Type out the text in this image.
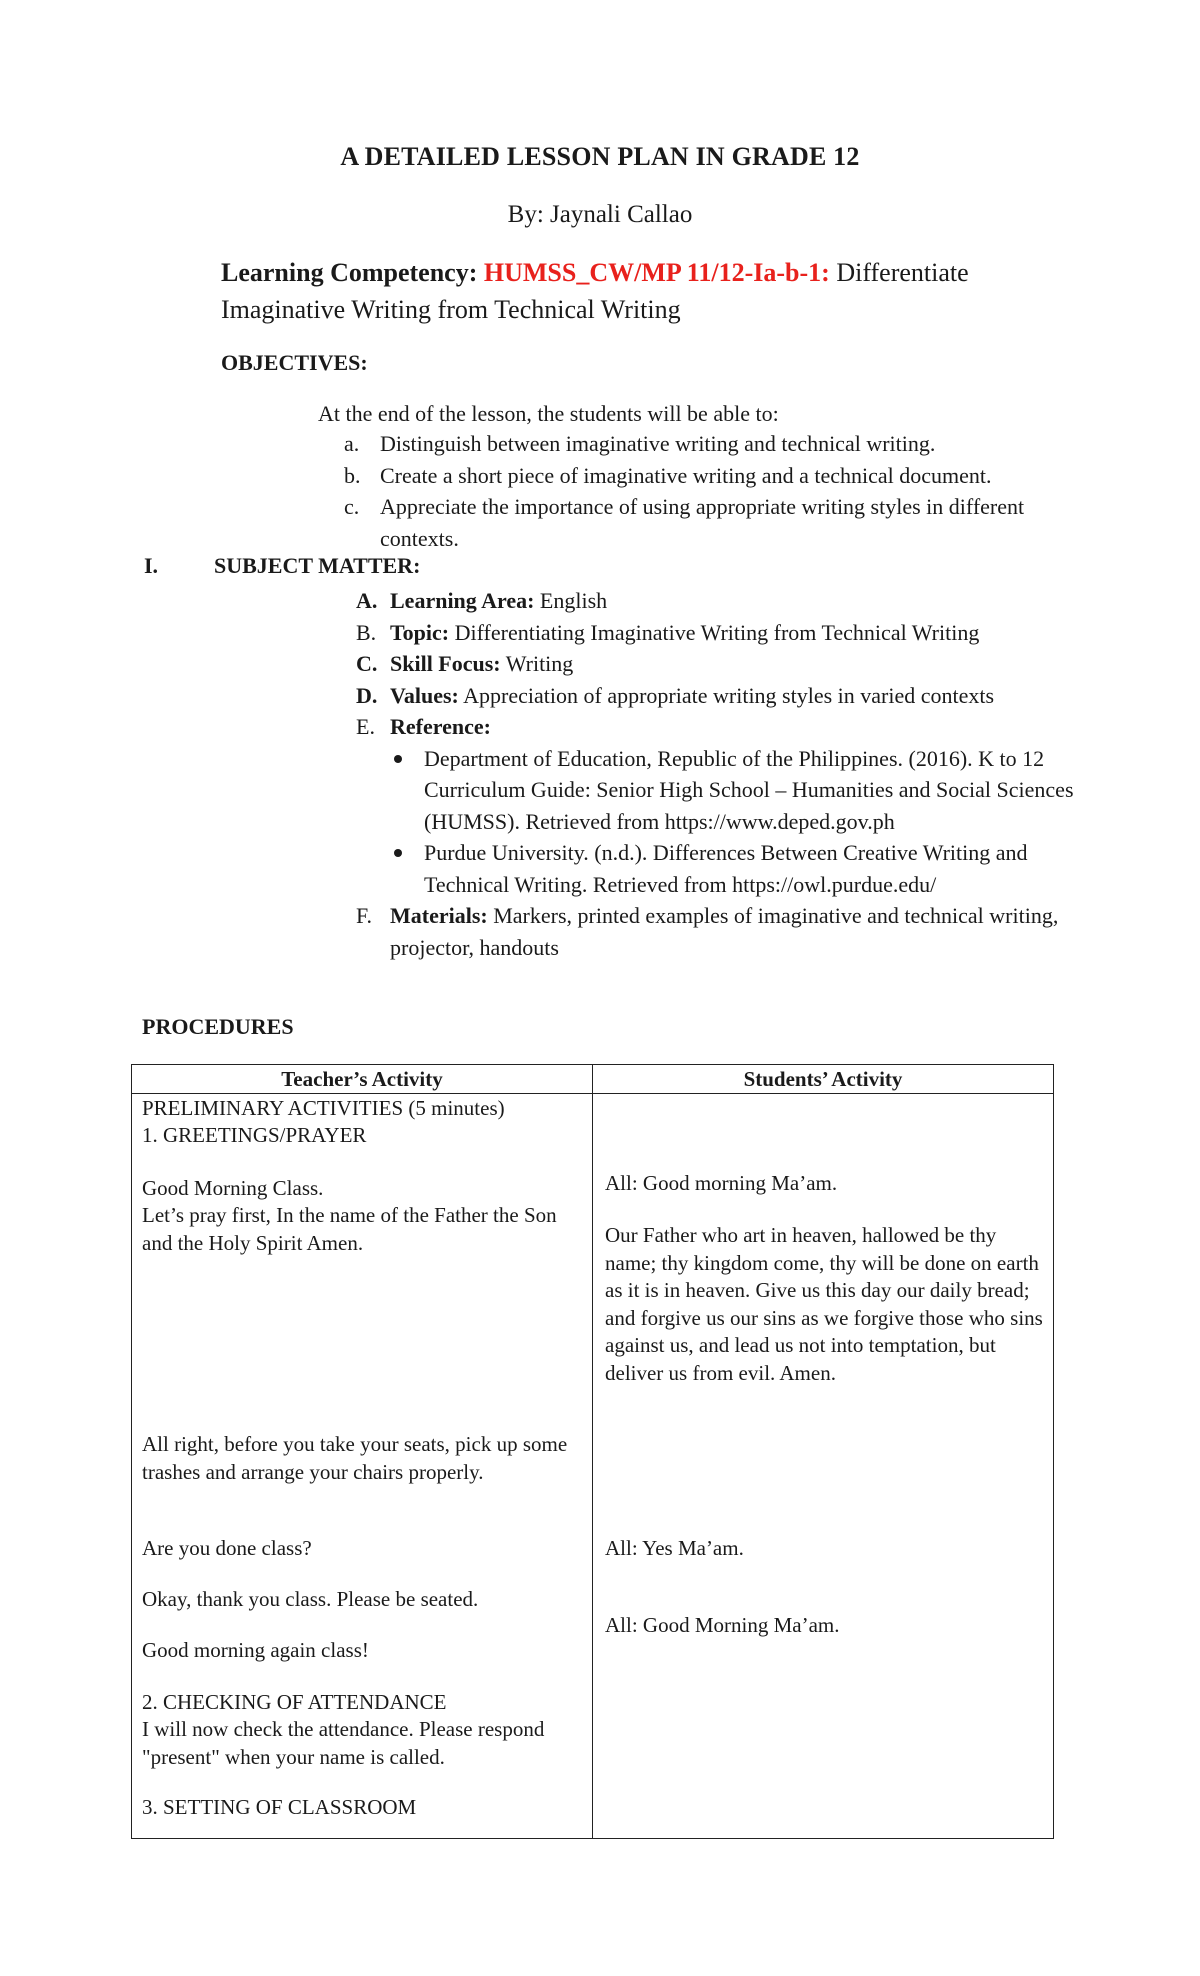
A DETAILED LESSON PLAN IN GRADE 12
By: Jaynali Callao
Learning Competency: HUMSS_CW/MP 11/12-Ia-b-1: Differentiate
Imaginative Writing from Technical Writing
OBJECTIVES:
At the end of the lesson, the students will be able to:
a. Distinguish between imaginative writing and technical writing.
b. Create a short piece of imaginative writing and a technical document.
c. Appreciate the importance of using appropriate writing styles in different contexts.
I.	SUBJECT MATTER:
A. Learning Area: English
B. Topic: Differentiating Imaginative Writing from Technical Writing
C. Skill Focus: Writing
D. Values: Appreciation of appropriate writing styles in varied contexts
E. Reference:
Department of Education, Republic of the Philippines. (2016). K to 12 Curriculum Guide: Senior High School – Humanities and Social Sciences (HUMSS). Retrieved from https://www.deped.gov.ph
Purdue University. (n.d.). Differences Between Creative Writing and Technical Writing. Retrieved from https://owl.purdue.edu/
F. Materials: Markers, printed examples of imaginative and technical writing, projector, handouts
PROCEDURES
Teacher’s Activity	Students’ Activity
PRELIMINARY ACTIVITIES (5 minutes)
1. GREETINGS/PRAYER
Good Morning Class.
Let’s pray first, In the name of the Father the Son and the Holy Spirit Amen.
All right, before you take your seats, pick up some trashes and arrange your chairs properly.
Are you done class?
Okay, thank you class. Please be seated.
Good morning again class!
2. CHECKING OF ATTENDANCE
I will now check the attendance. Please respond "present" when your name is called.
3. SETTING OF CLASSROOM
All: Good morning Ma’am.
Our Father who art in heaven, hallowed be thy name; thy kingdom come, thy will be done on earth as it is in heaven. Give us this day our daily bread; and forgive us our sins as we forgive those who sins against us, and lead us not into temptation, but deliver us from evil. Amen.
All: Yes Ma’am.
All: Good Morning Ma’am.
